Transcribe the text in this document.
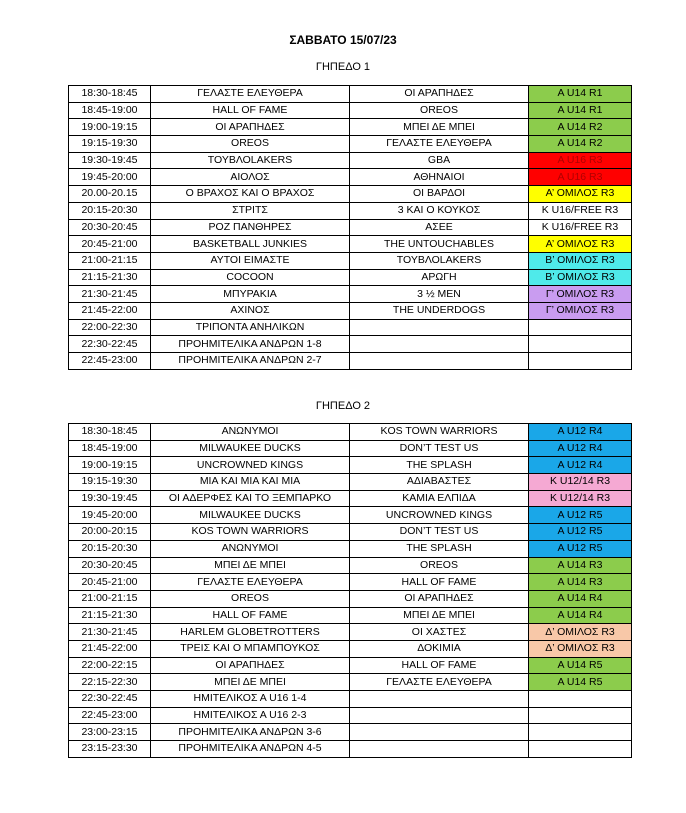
ΣΑΒΒΑΤΟ 15/07/23
ΓΗΠΕΔΟ 1
18:30-18:45	ΓΕΛΑΣΤΕ ΕΛΕΥΘΕΡΑ	ΟΙ ΑΡΑΠΗΔΕΣ	A U14 R1
18:45-19:00	HALL OF FAME	OREOS	A U14 R1
19:00-19:15	ΟΙ ΑΡΑΠΗΔΕΣ	ΜΠΕΙ ΔΕ ΜΠΕΙ	A U14 R2
19:15-19:30	OREOS	ΓΕΛΑΣΤΕ ΕΛΕΥΘΕΡΑ	A U14 R2
19:30-19:45	ΤΟΥΒΛΟLAKERS	GBA	A U16 R3
19:45-20:00	ΑΙΟΛΟΣ	ΑΘΗΝΑΙΟΙ	A U16 R3
20.00-20.15	Ο ΒΡΑΧΟΣ ΚΑΙ Ο ΒΡΑΧΟΣ	ΟΙ ΒΑΡΔΟΙ	Α’ ΟΜΙΛΟΣ R3
20:15-20:30	ΣΤΡΙΤΣ	3 ΚΑΙ Ο ΚΟΥΚΟΣ	K U16/FREE R3
20:30-20:45	ΡΟΖ ΠΑΝΘΗΡΕΣ	ΑΣΕΕ	K U16/FREE R3
20:45-21:00	BASKETBALL JUNKIES	THE UNTOUCHABLES	Α’ ΟΜΙΛΟΣ R3
21:00-21:15	ΑΥΤΟΙ ΕΙΜΑΣΤΕ	ΤΟΥΒΛΟLAKERS	Β’ ΟΜΙΛΟΣ R3
21:15-21:30	COCOON	ΑΡΩΓΗ	Β’ ΟΜΙΛΟΣ R3
21:30-21:45	ΜΠΥΡΑΚΙΑ	3 ½ MEN	Γ’ ΟΜΙΛΟΣ R3
21:45-22:00	ΑΧΙΝΟΣ	THE UNDERDOGS	Γ’ ΟΜΙΛΟΣ R3
22:00-22:30	ΤΡΙΠΟΝΤΑ ΑΝΗΛΙΚΩΝ		
22:30-22:45	ΠΡΟΗΜΙΤΕΛΙΚΑ ΑΝΔΡΩΝ 1-8		
22:45-23:00	ΠΡΟΗΜΙΤΕΛΙΚΑ ΑΝΔΡΩΝ 2-7		
ΓΗΠΕΔΟ 2
18:30-18:45	ΑΝΩΝΥΜΟΙ	KOS TOWN WARRIORS	A U12 R4
18:45-19:00	MILWAUKEE DUCKS	DON’T TEST US	A U12 R4
19:00-19:15	UNCROWNED KINGS	THE SPLASH	A U12 R4
19:15-19:30	ΜΙΑ ΚΑΙ ΜΙΑ ΚΑΙ ΜΙΑ	ΑΔΙΑΒΑΣΤΕΣ	K U12/14 R3
19:30-19:45	ΟΙ ΑΔΕΡΦΕΣ ΚΑΙ ΤΟ ΞΕΜΠΑΡΚΟ	ΚΑΜΙΑ ΕΛΠΙΔΑ	K U12/14 R3
19:45-20:00	MILWAUKEE DUCKS	UNCROWNED KINGS	A U12 R5
20:00-20:15	KOS TOWN WARRIORS	DON’T TEST US	A U12 R5
20:15-20:30	ΑΝΩΝΥΜΟΙ	THE SPLASH	A U12 R5
20:30-20:45	ΜΠΕΙ ΔΕ ΜΠΕΙ	OREOS	A U14 R3
20:45-21:00	ΓΕΛΑΣΤΕ ΕΛΕΥΘΕΡΑ	HALL OF FAME	A U14 R3
21:00-21:15	OREOS	ΟΙ ΑΡΑΠΗΔΕΣ	A U14 R4
21:15-21:30	HALL OF FAME	ΜΠΕΙ ΔΕ ΜΠΕΙ	A U14 R4
21:30-21:45	HARLEM GLOBETROTTERS	ΟΙ ΧΑΣΤΕΣ	Δ’ ΟΜΙΛΟΣ R3
21:45-22:00	ΤΡΕΙΣ ΚΑΙ Ο ΜΠΑΜΠΟΥΚΟΣ	ΔΟΚΙΜΙΑ	Δ’ ΟΜΙΛΟΣ R3
22:00-22:15	ΟΙ ΑΡΑΠΗΔΕΣ	HALL OF FAME	A U14 R5
22:15-22:30	ΜΠΕΙ ΔΕ ΜΠΕΙ	ΓΕΛΑΣΤΕ ΕΛΕΥΘΕΡΑ	A U14 R5
22:30-22:45	ΗΜΙΤΕΛΙΚΟΣ Α U16 1-4		
22:45-23:00	ΗΜΙΤΕΛΙΚΟΣ Α U16 2-3		
23:00-23:15	ΠΡΟΗΜΙΤΕΛΙΚΑ ΑΝΔΡΩΝ 3-6		
23:15-23:30	ΠΡΟΗΜΙΤΕΛΙΚΑ ΑΝΔΡΩΝ 4-5		
